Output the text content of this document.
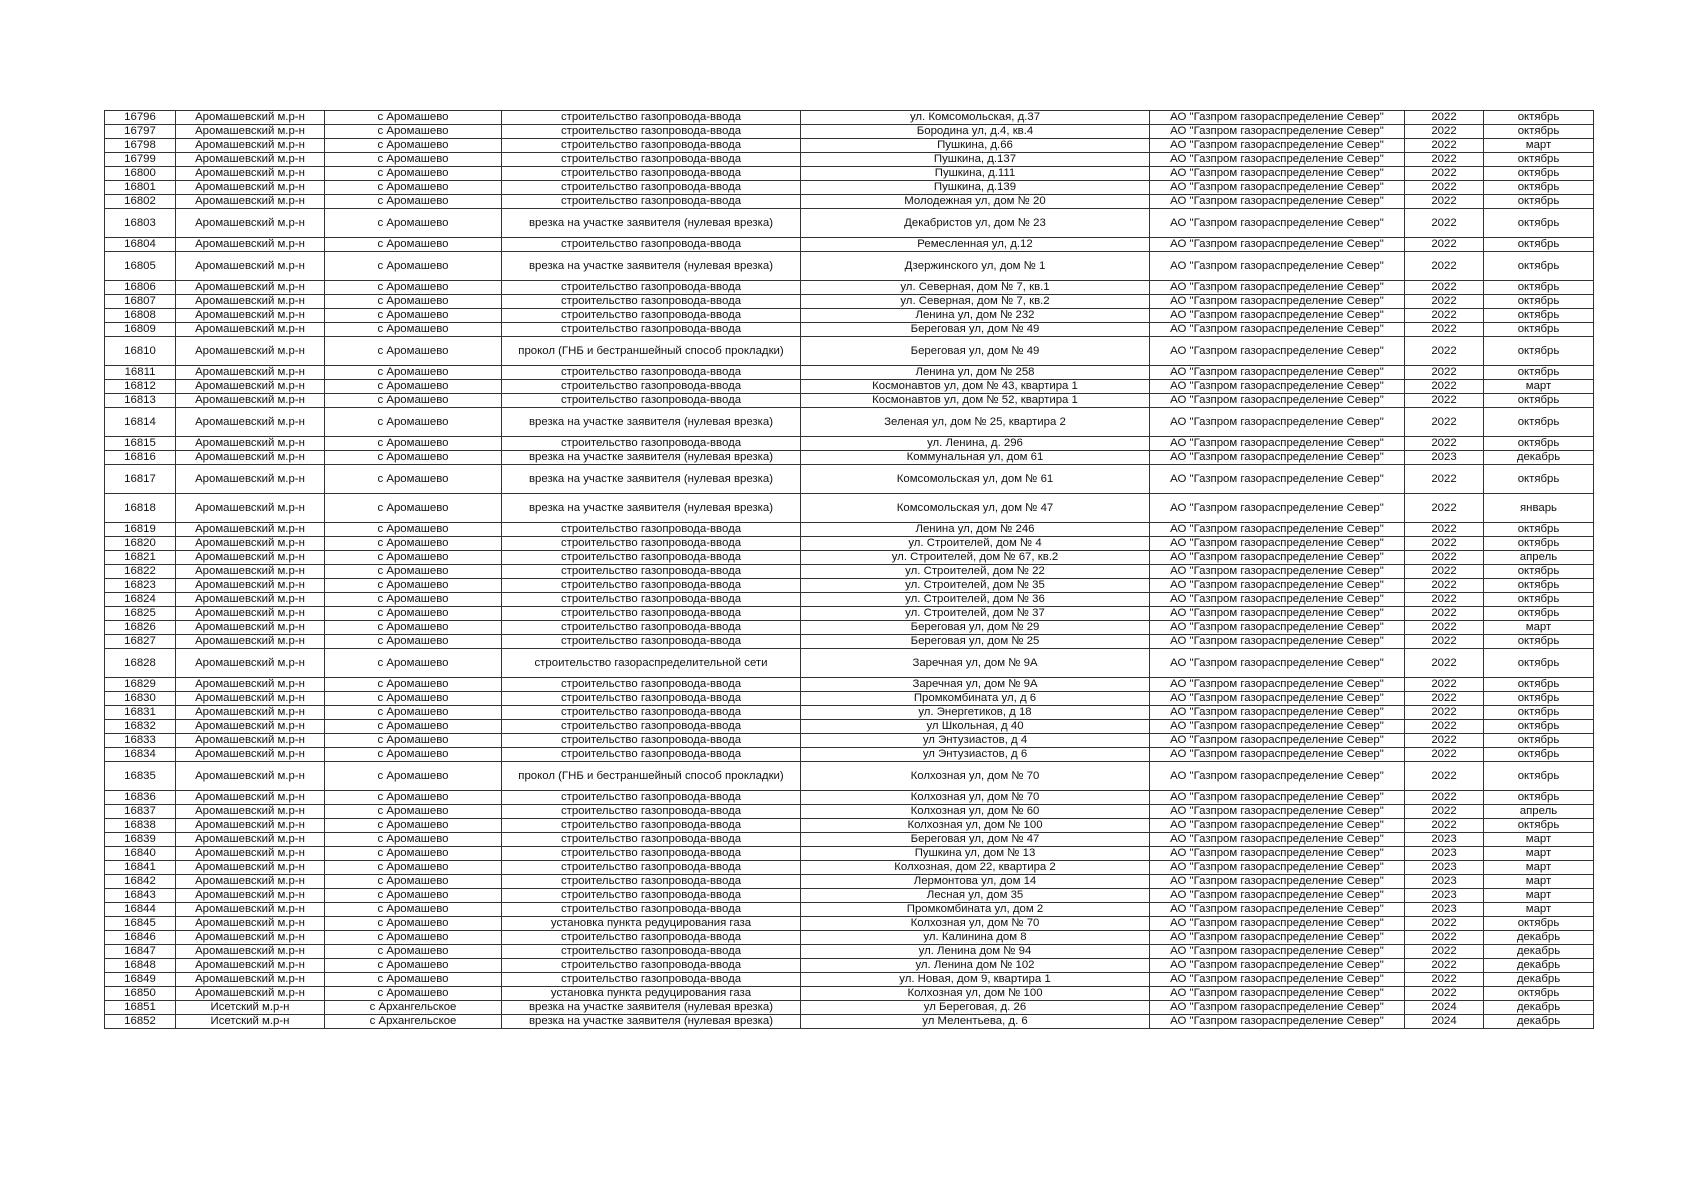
16796	Аромашевский м.р-н	с Аромашево	строительство газопровода-ввода	ул. Комсомольская, д.37	АО "Газпром газораспределение Север"	2022	октябрь
16797	Аромашевский м.р-н	с Аромашево	строительство газопровода-ввода	Бородина ул, д.4, кв.4	АО "Газпром газораспределение Север"	2022	октябрь
16798	Аромашевский м.р-н	с Аромашево	строительство газопровода-ввода	Пушкина, д.66	АО "Газпром газораспределение Север"	2022	март
16799	Аромашевский м.р-н	с Аромашево	строительство газопровода-ввода	Пушкина, д.137	АО "Газпром газораспределение Север"	2022	октябрь
16800	Аромашевский м.р-н	с Аромашево	строительство газопровода-ввода	Пушкина, д.111	АО "Газпром газораспределение Север"	2022	октябрь
16801	Аромашевский м.р-н	с Аромашево	строительство газопровода-ввода	Пушкина, д.139	АО "Газпром газораспределение Север"	2022	октябрь
16802	Аромашевский м.р-н	с Аромашево	строительство газопровода-ввода	Молодежная ул, дом № 20	АО "Газпром газораспределение Север"	2022	октябрь
16803	Аромашевский м.р-н	с Аромашево	врезка на участке заявителя (нулевая врезка)	Декабристов ул, дом № 23	АО "Газпром газораспределение Север"	2022	октябрь
16804	Аромашевский м.р-н	с Аромашево	строительство газопровода-ввода	Ремесленная ул, д.12	АО "Газпром газораспределение Север"	2022	октябрь
16805	Аромашевский м.р-н	с Аромашево	врезка на участке заявителя (нулевая врезка)	Дзержинского ул, дом № 1	АО "Газпром газораспределение Север"	2022	октябрь
16806	Аромашевский м.р-н	с Аромашево	строительство газопровода-ввода	ул. Северная, дом № 7, кв.1	АО "Газпром газораспределение Север"	2022	октябрь
16807	Аромашевский м.р-н	с Аромашево	строительство газопровода-ввода	ул. Северная, дом № 7, кв.2	АО "Газпром газораспределение Север"	2022	октябрь
16808	Аромашевский м.р-н	с Аромашево	строительство газопровода-ввода	Ленина ул, дом № 232	АО "Газпром газораспределение Север"	2022	октябрь
16809	Аромашевский м.р-н	с Аромашево	строительство газопровода-ввода	Береговая ул, дом № 49	АО "Газпром газораспределение Север"	2022	октябрь
16810	Аромашевский м.р-н	с Аромашево	прокол (ГНБ и бестраншейный способ прокладки)	Береговая ул, дом № 49	АО "Газпром газораспределение Север"	2022	октябрь
16811	Аромашевский м.р-н	с Аромашево	строительство газопровода-ввода	Ленина ул, дом № 258	АО "Газпром газораспределение Север"	2022	октябрь
16812	Аромашевский м.р-н	с Аромашево	строительство газопровода-ввода	Космонавтов ул, дом № 43, квартира 1	АО "Газпром газораспределение Север"	2022	март
16813	Аромашевский м.р-н	с Аромашево	строительство газопровода-ввода	Космонавтов ул, дом № 52, квартира 1	АО "Газпром газораспределение Север"	2022	октябрь
16814	Аромашевский м.р-н	с Аромашево	врезка на участке заявителя (нулевая врезка)	Зеленая ул, дом № 25, квартира 2	АО "Газпром газораспределение Север"	2022	октябрь
16815	Аромашевский м.р-н	с Аромашево	строительство газопровода-ввода	ул. Ленина, д. 296	АО "Газпром газораспределение Север"	2022	октябрь
16816	Аромашевский м.р-н	с Аромашево	врезка на участке заявителя (нулевая врезка)	Коммунальная ул, дом 61	АО "Газпром газораспределение Север"	2023	декабрь
16817	Аромашевский м.р-н	с Аромашево	врезка на участке заявителя (нулевая врезка)	Комсомольская ул, дом № 61	АО "Газпром газораспределение Север"	2022	октябрь
16818	Аромашевский м.р-н	с Аромашево	врезка на участке заявителя (нулевая врезка)	Комсомольская ул, дом № 47	АО "Газпром газораспределение Север"	2022	январь
16819	Аромашевский м.р-н	с Аромашево	строительство газопровода-ввода	Ленина ул, дом № 246	АО "Газпром газораспределение Север"	2022	октябрь
16820	Аромашевский м.р-н	с Аромашево	строительство газопровода-ввода	ул. Строителей, дом № 4	АО "Газпром газораспределение Север"	2022	октябрь
16821	Аромашевский м.р-н	с Аромашево	строительство газопровода-ввода	ул. Строителей, дом № 67, кв.2	АО "Газпром газораспределение Север"	2022	апрель
16822	Аромашевский м.р-н	с Аромашево	строительство газопровода-ввода	ул. Строителей, дом № 22	АО "Газпром газораспределение Север"	2022	октябрь
16823	Аромашевский м.р-н	с Аромашево	строительство газопровода-ввода	ул. Строителей, дом № 35	АО "Газпром газораспределение Север"	2022	октябрь
16824	Аромашевский м.р-н	с Аромашево	строительство газопровода-ввода	ул. Строителей, дом № 36	АО "Газпром газораспределение Север"	2022	октябрь
16825	Аромашевский м.р-н	с Аромашево	строительство газопровода-ввода	ул. Строителей, дом № 37	АО "Газпром газораспределение Север"	2022	октябрь
16826	Аромашевский м.р-н	с Аромашево	строительство газопровода-ввода	Береговая ул, дом № 29	АО "Газпром газораспределение Север"	2022	март
16827	Аромашевский м.р-н	с Аромашево	строительство газопровода-ввода	Береговая ул, дом № 25	АО "Газпром газораспределение Север"	2022	октябрь
16828	Аромашевский м.р-н	с Аромашево	строительство газораспределительной сети	Заречная ул, дом № 9А	АО "Газпром газораспределение Север"	2022	октябрь
16829	Аромашевский м.р-н	с Аромашево	строительство газопровода-ввода	Заречная ул, дом № 9А	АО "Газпром газораспределение Север"	2022	октябрь
16830	Аромашевский м.р-н	с Аромашево	строительство газопровода-ввода	Промкомбината ул, д 6	АО "Газпром газораспределение Север"	2022	октябрь
16831	Аромашевский м.р-н	с Аромашево	строительство газопровода-ввода	ул. Энергетиков, д 18	АО "Газпром газораспределение Север"	2022	октябрь
16832	Аромашевский м.р-н	с Аромашево	строительство газопровода-ввода	ул Школьная, д 40	АО "Газпром газораспределение Север"	2022	октябрь
16833	Аромашевский м.р-н	с Аромашево	строительство газопровода-ввода	ул Энтузиастов, д 4	АО "Газпром газораспределение Север"	2022	октябрь
16834	Аромашевский м.р-н	с Аромашево	строительство газопровода-ввода	ул Энтузиастов, д 6	АО "Газпром газораспределение Север"	2022	октябрь
16835	Аромашевский м.р-н	с Аромашево	прокол (ГНБ и бестраншейный способ прокладки)	Колхозная ул, дом № 70	АО "Газпром газораспределение Север"	2022	октябрь
16836	Аромашевский м.р-н	с Аромашево	строительство газопровода-ввода	Колхозная ул, дом № 70	АО "Газпром газораспределение Север"	2022	октябрь
16837	Аромашевский м.р-н	с Аромашево	строительство газопровода-ввода	Колхозная ул, дом № 60	АО "Газпром газораспределение Север"	2022	апрель
16838	Аромашевский м.р-н	с Аромашево	строительство газопровода-ввода	Колхозная ул, дом № 100	АО "Газпром газораспределение Север"	2022	октябрь
16839	Аромашевский м.р-н	с Аромашево	строительство газопровода-ввода	Береговая ул, дом № 47	АО "Газпром газораспределение Север"	2023	март
16840	Аромашевский м.р-н	с Аромашево	строительство газопровода-ввода	Пушкина ул, дом № 13	АО "Газпром газораспределение Север"	2023	март
16841	Аромашевский м.р-н	с Аромашево	строительство газопровода-ввода	Колхозная, дом 22, квартира 2	АО "Газпром газораспределение Север"	2023	март
16842	Аромашевский м.р-н	с Аромашево	строительство газопровода-ввода	Лермонтова ул, дом 14	АО "Газпром газораспределение Север"	2023	март
16843	Аромашевский м.р-н	с Аромашево	строительство газопровода-ввода	Лесная ул, дом 35	АО "Газпром газораспределение Север"	2023	март
16844	Аромашевский м.р-н	с Аромашево	строительство газопровода-ввода	Промкомбината ул, дом 2	АО "Газпром газораспределение Север"	2023	март
16845	Аромашевский м.р-н	с Аромашево	установка пункта редуцирования газа	Колхозная ул, дом № 70	АО "Газпром газораспределение Север"	2022	октябрь
16846	Аромашевский м.р-н	с Аромашево	строительство газопровода-ввода	ул. Калинина дом 8	АО "Газпром газораспределение Север"	2022	декабрь
16847	Аромашевский м.р-н	с Аромашево	строительство газопровода-ввода	ул. Ленина дом № 94	АО "Газпром газораспределение Север"	2022	декабрь
16848	Аромашевский м.р-н	с Аромашево	строительство газопровода-ввода	ул. Ленина дом № 102	АО "Газпром газораспределение Север"	2022	декабрь
16849	Аромашевский м.р-н	с Аромашево	строительство газопровода-ввода	ул. Новая, дом 9, квартира 1	АО "Газпром газораспределение Север"	2022	декабрь
16850	Аромашевский м.р-н	с Аромашево	установка пункта редуцирования газа	Колхозная ул, дом № 100	АО "Газпром газораспределение Север"	2022	октябрь
16851	Исетский м.р-н	с Архангельское	врезка на участке заявителя (нулевая врезка)	ул Береговая, д. 26	АО "Газпром газораспределение Север"	2024	декабрь
16852	Исетский м.р-н	с Архангельское	врезка на участке заявителя (нулевая врезка)	ул Мелентьева, д. 6	АО "Газпром газораспределение Север"	2024	декабрь
